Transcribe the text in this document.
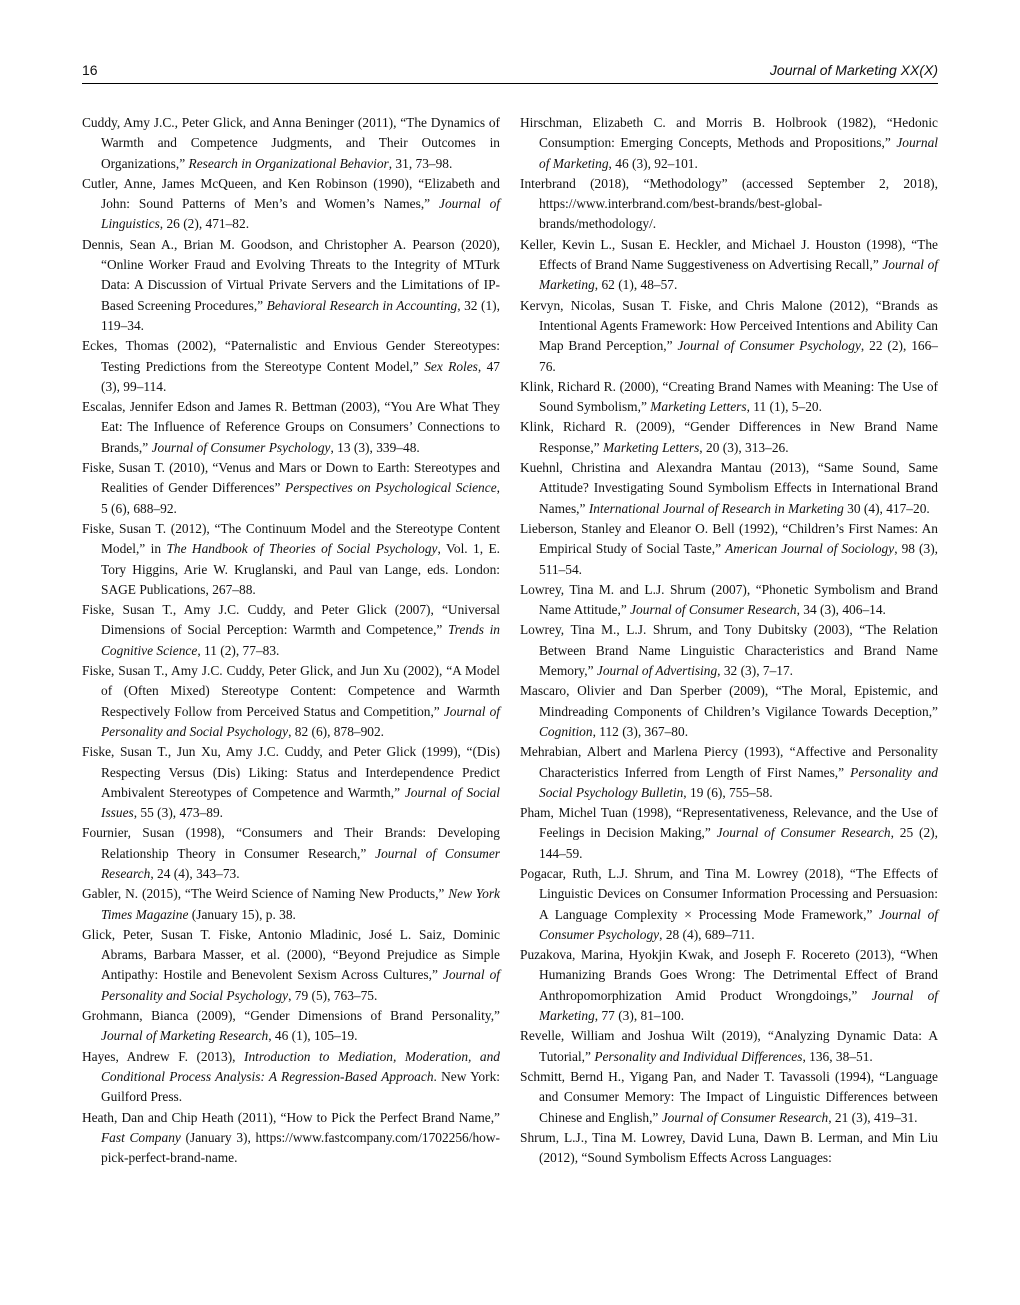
16	Journal of Marketing XX(X)

Cuddy, Amy J.C., Peter Glick, and Anna Beninger (2011), “The Dynamics of Warmth and Competence Judgments, and Their Outcomes in Organizations,” Research in Organizational Behavior, 31, 73–98.

Cutler, Anne, James McQueen, and Ken Robinson (1990), “Elizabeth and John: Sound Patterns of Men’s and Women’s Names,” Journal of Linguistics, 26 (2), 471–82.

Dennis, Sean A., Brian M. Goodson, and Christopher A. Pearson (2020), “Online Worker Fraud and Evolving Threats to the Integrity of MTurk Data: A Discussion of Virtual Private Servers and the Limitations of IP-Based Screening Procedures,” Behavioral Research in Accounting, 32 (1), 119–34.

Eckes, Thomas (2002), “Paternalistic and Envious Gender Stereotypes: Testing Predictions from the Stereotype Content Model,” Sex Roles, 47 (3), 99–114.

Escalas, Jennifer Edson and James R. Bettman (2003), “You Are What They Eat: The Influence of Reference Groups on Consumers’ Connections to Brands,” Journal of Consumer Psychology, 13 (3), 339–48.

Fiske, Susan T. (2010), “Venus and Mars or Down to Earth: Stereotypes and Realities of Gender Differences” Perspectives on Psychological Science, 5 (6), 688–92.

Fiske, Susan T. (2012), “The Continuum Model and the Stereotype Content Model,” in The Handbook of Theories of Social Psychology, Vol. 1, E. Tory Higgins, Arie W. Kruglanski, and Paul van Lange, eds. London: SAGE Publications, 267–88.

Fiske, Susan T., Amy J.C. Cuddy, and Peter Glick (2007), “Universal Dimensions of Social Perception: Warmth and Competence,” Trends in Cognitive Science, 11 (2), 77–83.

Fiske, Susan T., Amy J.C. Cuddy, Peter Glick, and Jun Xu (2002), “A Model of (Often Mixed) Stereotype Content: Competence and Warmth Respectively Follow from Perceived Status and Competition,” Journal of Personality and Social Psychology, 82 (6), 878–902.

Fiske, Susan T., Jun Xu, Amy J.C. Cuddy, and Peter Glick (1999), “(Dis) Respecting Versus (Dis) Liking: Status and Interdependence Predict Ambivalent Stereotypes of Competence and Warmth,” Journal of Social Issues, 55 (3), 473–89.

Fournier, Susan (1998), “Consumers and Their Brands: Developing Relationship Theory in Consumer Research,” Journal of Consumer Research, 24 (4), 343–73.

Gabler, N. (2015), “The Weird Science of Naming New Products,” New York Times Magazine (January 15), p. 38.

Glick, Peter, Susan T. Fiske, Antonio Mladinic, José L. Saiz, Dominic Abrams, Barbara Masser, et al. (2000), “Beyond Prejudice as Simple Antipathy: Hostile and Benevolent Sexism Across Cultures,” Journal of Personality and Social Psychology, 79 (5), 763–75.

Grohmann, Bianca (2009), “Gender Dimensions of Brand Personality,” Journal of Marketing Research, 46 (1), 105–19.

Hayes, Andrew F. (2013), Introduction to Mediation, Moderation, and Conditional Process Analysis: A Regression-Based Approach. New York: Guilford Press.

Heath, Dan and Chip Heath (2011), “How to Pick the Perfect Brand Name,” Fast Company (January 3), https://www.fastcompany.com/1702256/how-pick-perfect-brand-name.

Hirschman, Elizabeth C. and Morris B. Holbrook (1982), “Hedonic Consumption: Emerging Concepts, Methods and Propositions,” Journal of Marketing, 46 (3), 92–101.

Interbrand (2018), “Methodology” (accessed September 2, 2018), https://www.interbrand.com/best-brands/best-global-brands/methodology/.

Keller, Kevin L., Susan E. Heckler, and Michael J. Houston (1998), “The Effects of Brand Name Suggestiveness on Advertising Recall,” Journal of Marketing, 62 (1), 48–57.

Kervyn, Nicolas, Susan T. Fiske, and Chris Malone (2012), “Brands as Intentional Agents Framework: How Perceived Intentions and Ability Can Map Brand Perception,” Journal of Consumer Psychology, 22 (2), 166–76.

Klink, Richard R. (2000), “Creating Brand Names with Meaning: The Use of Sound Symbolism,” Marketing Letters, 11 (1), 5–20.

Klink, Richard R. (2009), “Gender Differences in New Brand Name Response,” Marketing Letters, 20 (3), 313–26.

Kuehnl, Christina and Alexandra Mantau (2013), “Same Sound, Same Attitude? Investigating Sound Symbolism Effects in International Brand Names,” International Journal of Research in Marketing 30 (4), 417–20.

Lieberson, Stanley and Eleanor O. Bell (1992), “Children’s First Names: An Empirical Study of Social Taste,” American Journal of Sociology, 98 (3), 511–54.

Lowrey, Tina M. and L.J. Shrum (2007), “Phonetic Symbolism and Brand Name Attitude,” Journal of Consumer Research, 34 (3), 406–14.

Lowrey, Tina M., L.J. Shrum, and Tony Dubitsky (2003), “The Relation Between Brand Name Linguistic Characteristics and Brand Name Memory,” Journal of Advertising, 32 (3), 7–17.

Mascaro, Olivier and Dan Sperber (2009), “The Moral, Epistemic, and Mindreading Components of Children’s Vigilance Towards Deception,” Cognition, 112 (3), 367–80.

Mehrabian, Albert and Marlena Piercy (1993), “Affective and Personality Characteristics Inferred from Length of First Names,” Personality and Social Psychology Bulletin, 19 (6), 755–58.

Pham, Michel Tuan (1998), “Representativeness, Relevance, and the Use of Feelings in Decision Making,” Journal of Consumer Research, 25 (2), 144–59.

Pogacar, Ruth, L.J. Shrum, and Tina M. Lowrey (2018), “The Effects of Linguistic Devices on Consumer Information Processing and Persuasion: A Language Complexity × Processing Mode Framework,” Journal of Consumer Psychology, 28 (4), 689–711.

Puzakova, Marina, Hyokjin Kwak, and Joseph F. Rocereto (2013), “When Humanizing Brands Goes Wrong: The Detrimental Effect of Brand Anthropomorphization Amid Product Wrongdoings,” Journal of Marketing, 77 (3), 81–100.

Revelle, William and Joshua Wilt (2019), “Analyzing Dynamic Data: A Tutorial,” Personality and Individual Differences, 136, 38–51.

Schmitt, Bernd H., Yigang Pan, and Nader T. Tavassoli (1994), “Language and Consumer Memory: The Impact of Linguistic Differences between Chinese and English,” Journal of Consumer Research, 21 (3), 419–31.

Shrum, L.J., Tina M. Lowrey, David Luna, Dawn B. Lerman, and Min Liu (2012), “Sound Symbolism Effects Across Languages:
